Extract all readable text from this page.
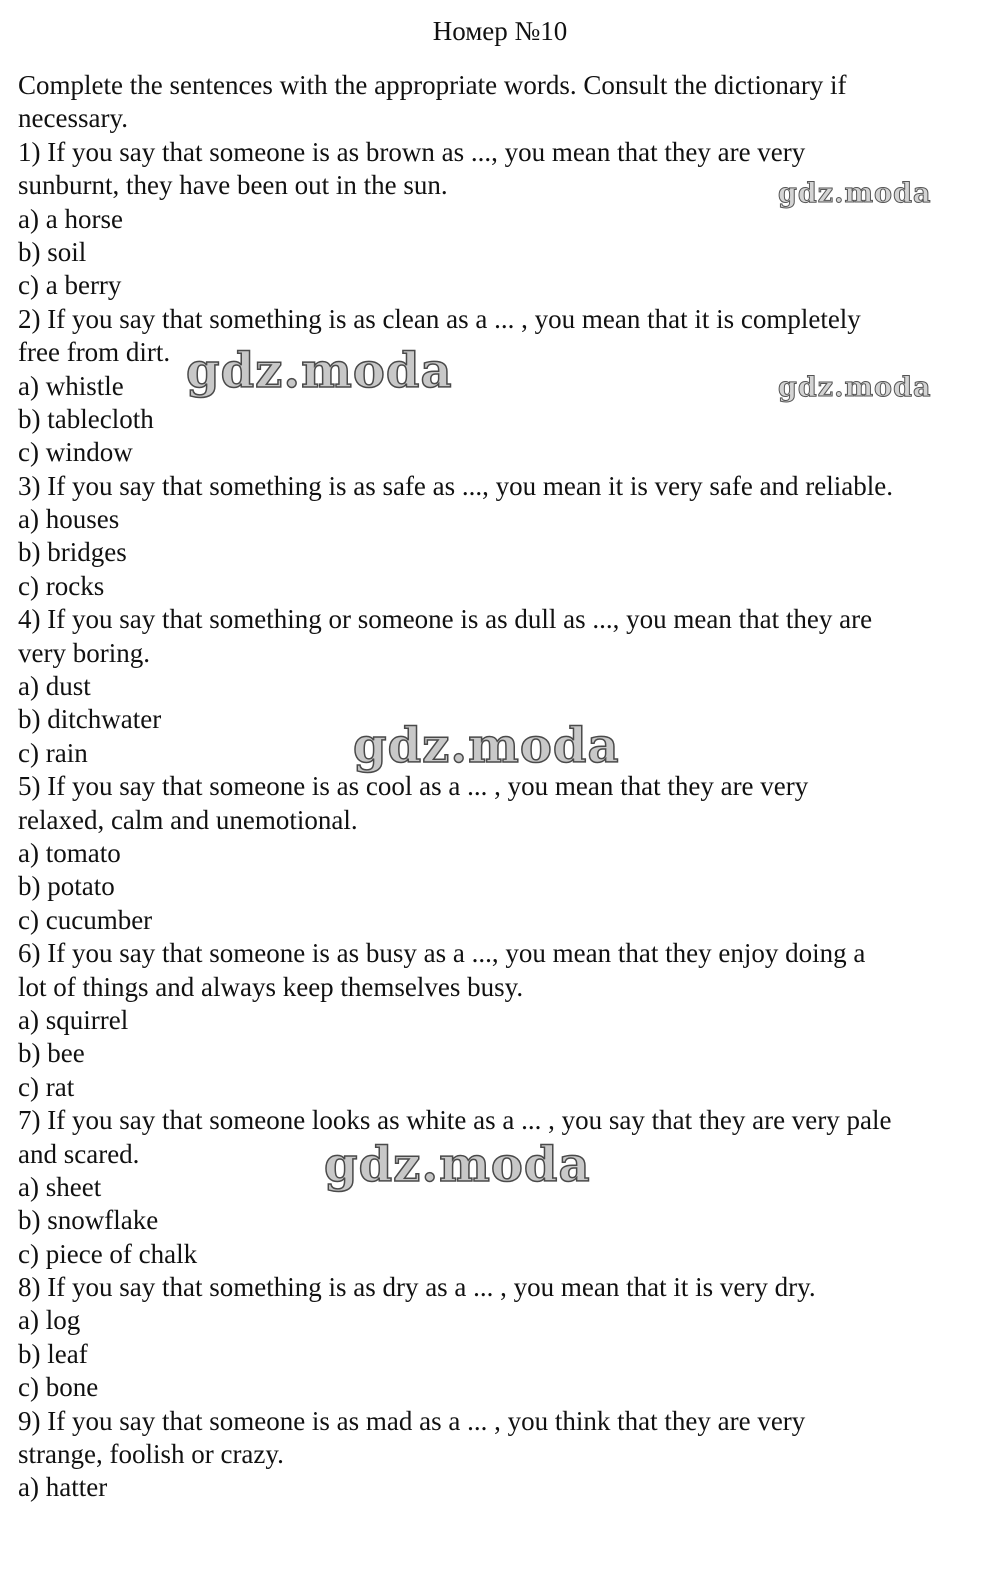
Номер №10
Complete the sentences with the appropriate words. Consult the dictionary if
necessary.
1) If you say that someone is as brown as ..., you mean that they are very
sunburnt, they have been out in the sun.
a) a horse
b) soil
c) a berry
2) If you say that something is as clean as a ... , you mean that it is completely
free from dirt.
a) whistle
b) tablecloth
c) window
3) If you say that something is as safe as ..., you mean it is very safe and reliable.
a) houses
b) bridges
c) rocks
4) If you say that something or someone is as dull as ..., you mean that they are
very boring.
a) dust
b) ditchwater
c) rain
5) If you say that someone is as cool as a ... , you mean that they are very
relaxed, calm and unemotional.
a) tomato
b) potato
c) cucumber
6) If you say that someone is as busy as a ..., you mean that they enjoy doing a
lot of things and always keep themselves busy.
a) squirrel
b) bee
c) rat
7) If you say that someone looks as white as a ... , you say that they are very pale
and scared.
a) sheet
b) snowflake
c) piece of chalk
8) If you say that something is as dry as a ... , you mean that it is very dry.
a) log
b) leaf
c) bone
9) If you say that someone is as mad as a ... , you think that they are very
strange, foolish or crazy.
a) hatter
gdz.moda
gdz.moda	gdz.moda
gdz.moda
gdz.moda
